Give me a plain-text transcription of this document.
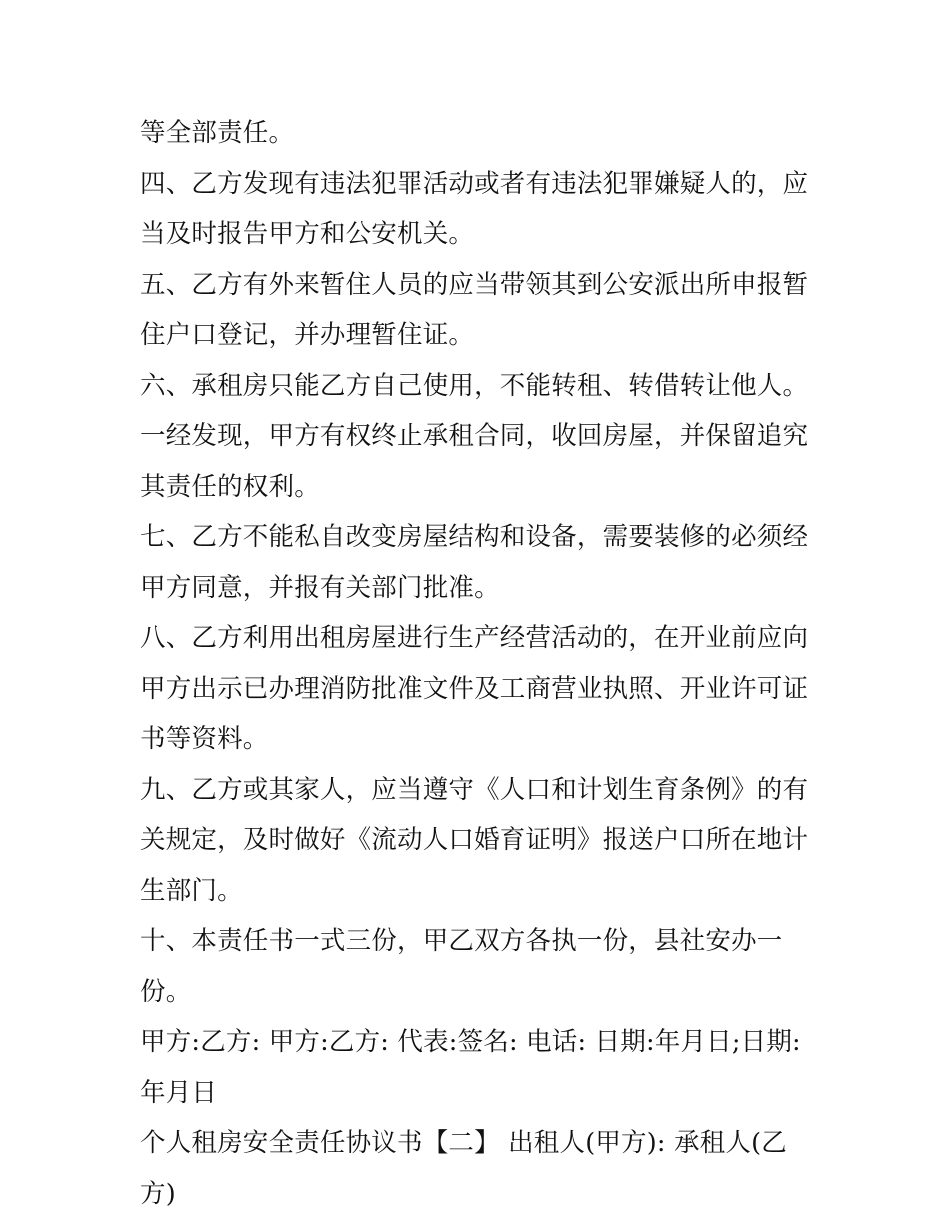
等全部责任。

四、乙方发现有违法犯罪活动或者有违法犯罪嫌疑人的，应当及时报告甲方和公安机关。

五、乙方有外来暂住人员的应当带领其到公安派出所申报暂住户口登记，并办理暂住证。

六、承租房只能乙方自己使用，不能转租、转借转让他人。一经发现，甲方有权终止承租合同，收回房屋，并保留追究其责任的权利。

七、乙方不能私自改变房屋结构和设备，需要装修的必须经甲方同意，并报有关部门批准。

八、乙方利用出租房屋进行生产经营活动的，在开业前应向甲方出示已办理消防批准文件及工商营业执照、开业许可证书等资料。

九、乙方或其家人，应当遵守《人口和计划生育条例》的有关规定，及时做好《流动人口婚育证明》报送户口所在地计生部门。

十、本责任书一式三份，甲乙双方各执一份，县社安办一份。

甲方:乙方: 甲方:乙方: 代表:签名: 电话: 日期:年月日;日期:年月日

个人租房安全责任协议书【二】 出租人(甲方): 承租人(乙方)
